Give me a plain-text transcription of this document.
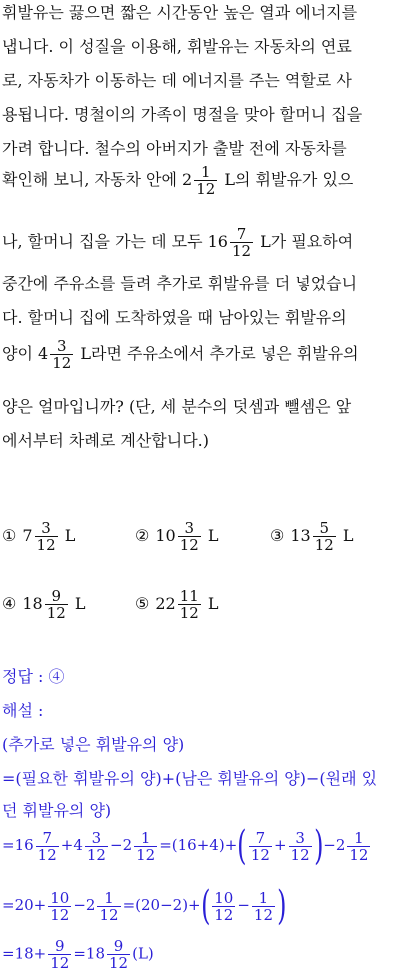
휘발유는 끓으면 짧은 시간동안 높은 열과 에너지를
냅니다. 이 성질을 이용해, 휘발유는 자동차의 연료
로, 자동차가 이동하는 데 에너지를 주는 역할로 사
용됩니다. 명철이의 가족이 명절을 맞아 할머니 집을
가려 합니다. 철수의 아버지가 출발 전에 자동차를
확인해 보니, 자동차 안에 $2 \frac{1}{12}$ L의 휘발유가 있으
나, 할머니 집을 가는 데 모두 $16 \frac{7}{12}$ L가 필요하여
중간에 주유소를 들려 추가로 휘발유를 더 넣었습니
다. 할머니 집에 도착하였을 때 남아있는 휘발유의
양이 $4 \frac{3}{12}$ L라면 주유소에서 추가로 넣은 휘발유의
양은 얼마입니까? (단, 세 분수의 덧셈과 뺄셈은 앞
에서부터 차례로 계산합니다.)
① $7 \frac{3}{12}$ L	② $10 \frac{3}{12}$ L	③ $13 \frac{5}{12}$ L
④ $18 \frac{9}{12}$ L	⑤ $22 \frac{11}{12}$ L
정답 : ④
해설 :
(추가로 넣은 휘발유의 양)
=(필요한 휘발유의 양)+(남은 휘발유의 양)−(원래 있
던 휘발유의 양)
$=16 \frac{7}{12} +4 \frac{3}{12} -2 \frac{1}{12} =(16+4)+( \frac{7}{12} + \frac{3}{12} )-2 \frac{1}{12}$
$=20+ \frac{10}{12} -2 \frac{1}{12} =(20-2)+( \frac{10}{12} - \frac{1}{12}$ )
$=18+ \frac{9}{12} =18 \frac{9}{12} (L)$
